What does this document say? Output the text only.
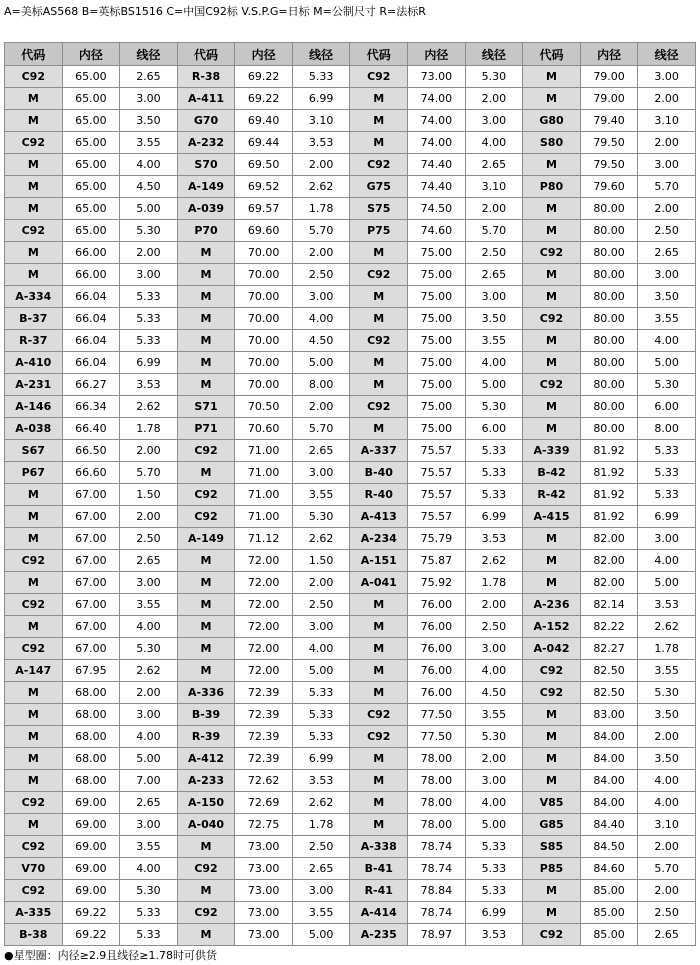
A=美标AS568 B=英标BS1516 C=中国C92标 V.S.P.G=日标 M=公制尺寸 R=法标R
代码	内径	线径	代码	内径	线径	代码	内径	线径	代码	内径	线径
C92	65.00	2.65	R-38	69.22	5.33	C92	73.00	5.30	M	79.00	3.00
M	65.00	3.00	A-411	69.22	6.99	M	74.00	2.00	M	79.00	2.00
M	65.00	3.50	G70	69.40	3.10	M	74.00	3.00	G80	79.40	3.10
C92	65.00	3.55	A-232	69.44	3.53	M	74.00	4.00	S80	79.50	2.00
M	65.00	4.00	S70	69.50	2.00	C92	74.40	2.65	M	79.50	3.00
M	65.00	4.50	A-149	69.52	2.62	G75	74.40	3.10	P80	79.60	5.70
M	65.00	5.00	A-039	69.57	1.78	S75	74.50	2.00	M	80.00	2.00
C92	65.00	5.30	P70	69.60	5.70	P75	74.60	5.70	M	80.00	2.50
M	66.00	2.00	M	70.00	2.00	M	75.00	2.50	C92	80.00	2.65
M	66.00	3.00	M	70.00	2.50	C92	75.00	2.65	M	80.00	3.00
A-334	66.04	5.33	M	70.00	3.00	M	75.00	3.00	M	80.00	3.50
B-37	66.04	5.33	M	70.00	4.00	M	75.00	3.50	C92	80.00	3.55
R-37	66.04	5.33	M	70.00	4.50	C92	75.00	3.55	M	80.00	4.00
A-410	66.04	6.99	M	70.00	5.00	M	75.00	4.00	M	80.00	5.00
A-231	66.27	3.53	M	70.00	8.00	M	75.00	5.00	C92	80.00	5.30
A-146	66.34	2.62	S71	70.50	2.00	C92	75.00	5.30	M	80.00	6.00
A-038	66.40	1.78	P71	70.60	5.70	M	75.00	6.00	M	80.00	8.00
S67	66.50	2.00	C92	71.00	2.65	A-337	75.57	5.33	A-339	81.92	5.33
P67	66.60	5.70	M	71.00	3.00	B-40	75.57	5.33	B-42	81.92	5.33
M	67.00	1.50	C92	71.00	3.55	R-40	75.57	5.33	R-42	81.92	5.33
M	67.00	2.00	C92	71.00	5.30	A-413	75.57	6.99	A-415	81.92	6.99
M	67.00	2.50	A-149	71.12	2.62	A-234	75.79	3.53	M	82.00	3.00
C92	67.00	2.65	M	72.00	1.50	A-151	75.87	2.62	M	82.00	4.00
M	67.00	3.00	M	72.00	2.00	A-041	75.92	1.78	M	82.00	5.00
C92	67.00	3.55	M	72.00	2.50	M	76.00	2.00	A-236	82.14	3.53
M	67.00	4.00	M	72.00	3.00	M	76.00	2.50	A-152	82.22	2.62
C92	67.00	5.30	M	72.00	4.00	M	76.00	3.00	A-042	82.27	1.78
A-147	67.95	2.62	M	72.00	5.00	M	76.00	4.00	C92	82.50	3.55
M	68.00	2.00	A-336	72.39	5.33	M	76.00	4.50	C92	82.50	5.30
M	68.00	3.00	B-39	72.39	5.33	C92	77.50	3.55	M	83.00	3.50
M	68.00	4.00	R-39	72.39	5.33	C92	77.50	5.30	M	84.00	2.00
M	68.00	5.00	A-412	72.39	6.99	M	78.00	2.00	M	84.00	3.50
M	68.00	7.00	A-233	72.62	3.53	M	78.00	3.00	M	84.00	4.00
C92	69.00	2.65	A-150	72.69	2.62	M	78.00	4.00	V85	84.00	4.00
M	69.00	3.00	A-040	72.75	1.78	M	78.00	5.00	G85	84.40	3.10
C92	69.00	3.55	M	73.00	2.50	A-338	78.74	5.33	S85	84.50	2.00
V70	69.00	4.00	C92	73.00	2.65	B-41	78.74	5.33	P85	84.60	5.70
C92	69.00	5.30	M	73.00	3.00	R-41	78.84	5.33	M	85.00	2.00
A-335	69.22	5.33	C92	73.00	3.55	A-414	78.74	6.99	M	85.00	2.50
B-38	69.22	5.33	M	73.00	5.00	A-235	78.97	3.53	C92	85.00	2.65
●星型圈：内径≥2.9且线径≥1.78时可供货
